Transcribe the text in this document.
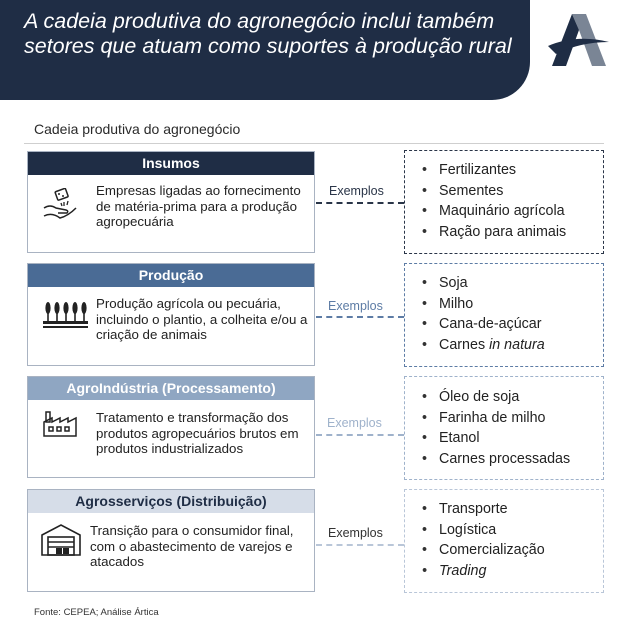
A cadeia produtiva do agronegócio inclui também setores que atuam como suportes à produção rural
Cadeia produtiva do agronegócio
Insumos
Empresas ligadas ao fornecimento de matéria-prima para a produção agropecuária
Exemplos
• Fertilizantes
• Sementes
• Maquinário agrícola
• Ração para animais
Produção
Produção agrícola ou pecuária, incluindo o plantio, a colheita e/ou a criação de animais
Exemplos
• Soja
• Milho
• Cana-de-açúcar
• Carnes in natura
AgroIndústria (Processamento)
Tratamento e transformação dos produtos agropecuários brutos em produtos industrializados
Exemplos
• Óleo de soja
• Farinha de milho
• Etanol
• Carnes processadas
Agrosserviços (Distribuição)
Transição para o consumidor final, com o abastecimento de varejos e atacados
Exemplos
• Transporte
• Logística
• Comercialização
• Trading
Fonte: CEPEA; Análise Ártica
